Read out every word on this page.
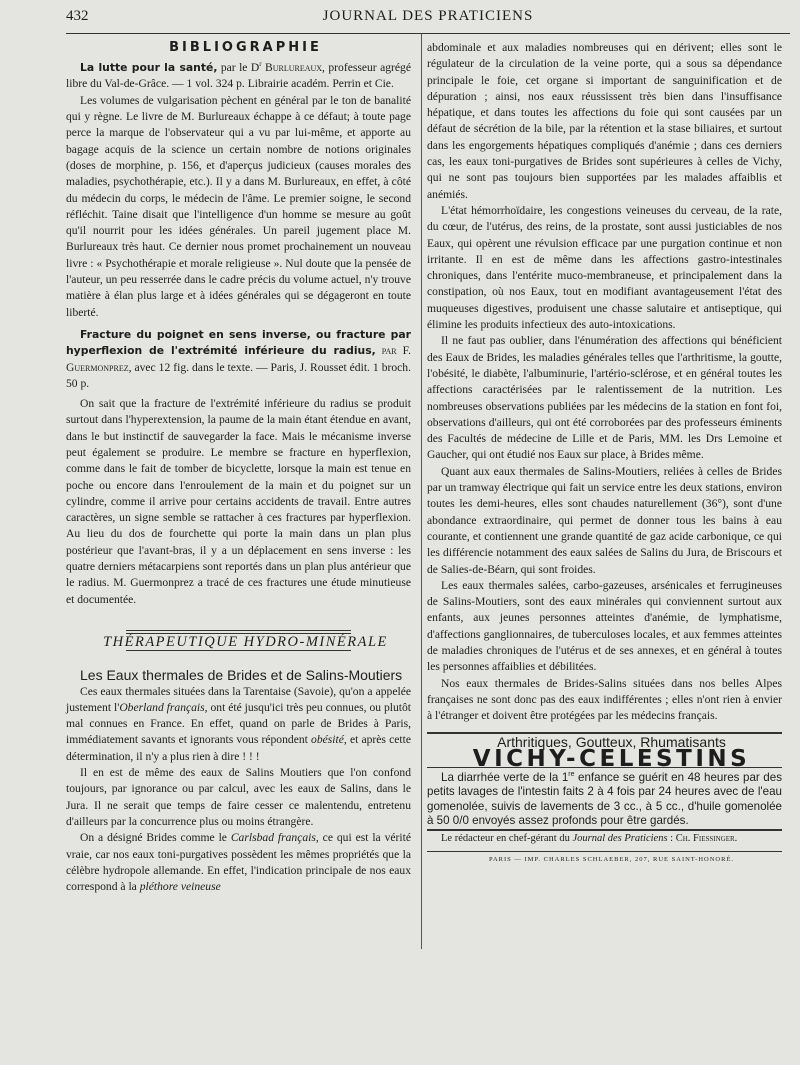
432	JOURNAL DES PRATICIENS

BIBLIOGRAPHIE

La lutte pour la santé, par le $D^r$ Burlureaux, professeur agrégé libre du Val-de-Grâce. — 1 vol. 324 p. Librairie académ. Perrin et Cie.

Les volumes de vulgarisation pèchent en général par le ton de banalité qui y règne. Le livre de M. Burlureaux échappe à ce défaut; à toute page perce la marque de l'observateur qui a vu par lui-même, et apporte au bagage acquis de la science un certain nombre de notions originales (doses de morphine, p. 156, et d'aperçus judicieux (causes morales des maladies, psychothérapie, etc.). Il y a dans M. Burlureaux, en effet, à côté du médecin du corps, le médecin de l'âme. Le premier soigne, le second réfléchit. Taine disait que l'intelligence d'un homme se mesure au goût qu'il nourrit pour les idées générales. Un pareil jugement place M. Burlureaux très haut. Ce dernier nous promet prochainement un nouveau livre : « Psychothérapie et morale religieuse ». Nul doute que la pensée de l'auteur, un peu resserrée dans le cadre précis du volume actuel, n'y trouve matière à élan plus large et à idées générales qui se dégageront en toute liberté.

Fracture du poignet en sens inverse, ou fracture par hyperflexion de l'extrémité inférieure du radius, par F. Guermonprez, avec 12 fig. dans le texte. — Paris, J. Rousset édit. 1 broch. 50 p.

On sait que la fracture de l'extrémité inférieure du radius se produit surtout dans l'hyperextension, la paume de la main étant étendue en avant, dans le but instinctif de sauvegarder la face. Mais le mécanisme inverse peut également se produire. Le membre se fracture en hyperflexion, comme dans le fait de tomber de bicyclette, lorsque la main est tenue en poche ou encore dans l'enroulement de la main et du poignet sur un cylindre, comme il arrive pour certains accidents de travail. Entre autres caractères, un signe semble se rattacher à ces fractures par hyperflexion. Au lieu du dos de fourchette qui porte la main dans un plan plus postérieur que l'avant-bras, il y a un déplacement en sens inverse : les quatre derniers métacarpiens sont reportés dans un plan plus antérieur que le radius. M. Guermonprez a tracé de ces fractures une étude minutieuse et documentée.

THÉRAPEUTIQUE HYDRO-MINÉRALE

Les Eaux thermales de Brides et de Salins-Moutiers

Ces eaux thermales situées dans la Tarentaise (Savoie), qu'on a appelée justement l'Oberland français, ont été jusqu'ici très peu connues, ou plutôt mal connues en France. En effet, quand on parle de Brides à Paris, immédiatement savants et ignorants vous répondent obésité, et après cette détermination, il n'y a plus rien à dire ! ! !

Il en est de même des eaux de Salins Moutiers que l'on confond toujours, par ignorance ou par calcul, avec les eaux de Salins, dans le Jura. Il ne serait que temps de faire cesser ce malentendu, entretenu d'ailleurs par la concurrence plus ou moins étrangère.

On a désigné Brides comme le Carlsbad français, ce qui est la vérité vraie, car nos eaux toni-purgatives possèdent les mêmes propriétés que la célèbre hydropole allemande. En effet, l'indication principale de nos eaux correspond à la pléthore veineuse

abdominale et aux maladies nombreuses qui en dérivent; elles sont le régulateur de la circulation de la veine porte, qui a sous sa dépendance principale le foie, cet organe si important de sanguinification et de dépuration ; ainsi, nos eaux réussissent très bien dans l'insuffisance hépatique, et dans toutes les affections du foie qui sont causées par un défaut de sécrétion de la bile, par la rétention et la stase biliaires, et surtout dans les engorgements hépatiques compliqués d'anémie ; dans ces derniers cas, les eaux toni-purgatives de Brides sont supérieures à celles de Vichy, qui ne sont pas toujours bien supportées par les malades affaiblis et anémiés.

L'état hémorrhoïdaire, les congestions veineuses du cerveau, de la rate, du cœur, de l'utérus, des reins, de la prostate, sont aussi justiciables de nos Eaux, qui opèrent une révulsion efficace par une purgation continue et non irritante. Il en est de même dans les affections gastro-intestinales chroniques, dans l'entérite muco-membraneuse, et principalement dans la constipation, où nos Eaux, tout en modifiant avantageusement l'état des muqueuses digestives, produisent une chasse salutaire et antiseptique, qui élimine les produits infectieux des auto-intoxications.

Il ne faut pas oublier, dans l'énumération des affections qui bénéficient des Eaux de Brides, les maladies générales telles que l'arthritisme, la goutte, l'obésité, le diabète, l'albuminurie, l'artério-sclérose, et en général toutes les affections caractérisées par le ralentissement de la nutrition. Les nombreuses observations publiées par les médecins de la station en font foi, observations d'ailleurs, qui ont été corroborées par des professeurs éminents des Facultés de médecine de Lille et de Paris, MM. les Drs Lemoine et Gaucher, qui ont étudié nos Eaux sur place, à Brides même.

Quant aux eaux thermales de Salins-Moutiers, reliées à celles de Brides par un tramway électrique qui fait un service entre les deux stations, environ toutes les demi-heures, elles sont chaudes naturellement (36°), sont d'une abondance extraordinaire, qui permet de donner tous les bains à eau courante, et contiennent une grande quantité de gaz acide carbonique, ce qui les différencie notamment des eaux salées de Salins du Jura, de Briscours et de Salies-de-Béarn, qui sont froides.

Les eaux thermales salées, carbo-gazeuses, arsénicales et ferrugineuses de Salins-Moutiers, sont des eaux minérales qui conviennent surtout aux enfants, aux jeunes personnes atteintes d'anémie, de lymphatisme, d'affections ganglionnaires, de tuberculoses locales, et aux femmes atteintes de maladies chroniques de l'utérus et de ses annexes, et en général à toutes les personnes affaiblies et débilitées.

Nos eaux thermales de Brides-Salins situées dans nos belles Alpes françaises ne sont donc pas des eaux indifférentes ; elles n'ont rien à envier à l'étranger et doivent être protégées par les médecins français.

Arthritiques, Goutteux, Rhumatisants

VICHY-CELESTINS

La diarrhée verte de la 1re enfance se guérit en 48 heures par des petits lavages de l'intestin faits 2 à 4 fois par 24 heures avec de l'eau gomenolée, suivis de lavements de 3 cc., à 5 cc., d'huile gomenolée à 50 0/0 envoyés assez profonds pour être gardés.

Le rédacteur en chef-gérant du Journal des Praticiens : Ch. Fiessinger.

PARIS — IMP. CHARLES SCHLAEBER, 207, RUE SAINT-HONORÉ.
